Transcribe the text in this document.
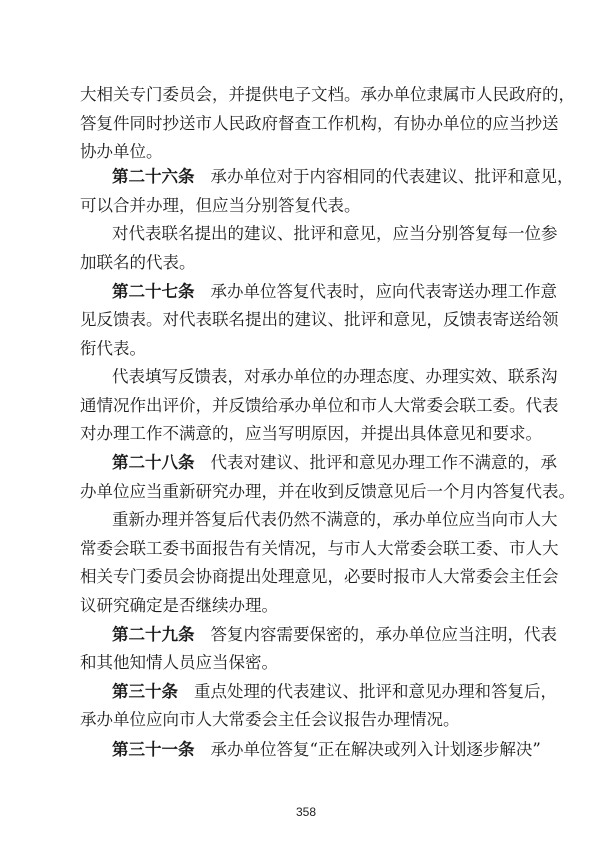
大相关专门委员会，并提供电子文档。承办单位隶属市人民政府的，
答复件同时抄送市人民政府督查工作机构，有协办单位的应当抄送
协办单位。
第二十六条 承办单位对于内容相同的代表建议、批评和意见，
可以合并办理，但应当分别答复代表。
对代表联名提出的建议、批评和意见，应当分别答复每一位参
加联名的代表。
第二十七条 承办单位答复代表时，应向代表寄送办理工作意
见反馈表。对代表联名提出的建议、批评和意见，反馈表寄送给领
衔代表。
代表填写反馈表，对承办单位的办理态度、办理实效、联系沟
通情况作出评价，并反馈给承办单位和市人大常委会联工委。代表
对办理工作不满意的，应当写明原因，并提出具体意见和要求。
第二十八条 代表对建议、批评和意见办理工作不满意的，承
办单位应当重新研究办理，并在收到反馈意见后一个月内答复代表。
重新办理并答复后代表仍然不满意的，承办单位应当向市人大
常委会联工委书面报告有关情况，与市人大常委会联工委、市人大
相关专门委员会协商提出处理意见，必要时报市人大常委会主任会
议研究确定是否继续办理。
第二十九条 答复内容需要保密的，承办单位应当注明，代表
和其他知情人员应当保密。
第三十条 重点处理的代表建议、批评和意见办理和答复后，
承办单位应向市人大常委会主任会议报告办理情况。
第三十一条 承办单位答复“正在解决或列入计划逐步解决”
358
